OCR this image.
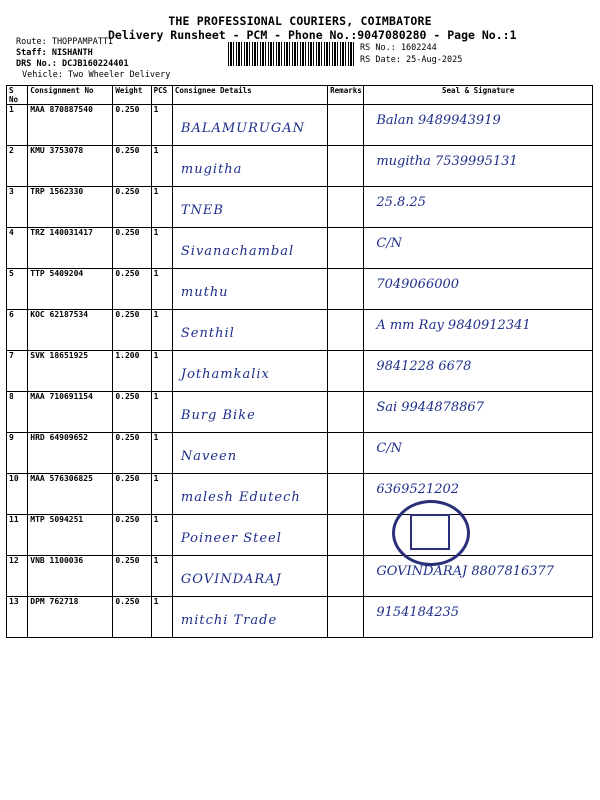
THE PROFESSIONAL COURIERS, COIMBATORE
Delivery Runsheet - PCM - Phone No.:9047080280 - Page No.:1
Route: THOPPAMPATTI
Staff: NISHANTH
DRS No.: DCJB160224401
Vehicle: Two Wheeler Delivery
RS No.: 1602244
RS Date: 25-Aug-2025
S No	Consignment No	Weight	PCS	Consignee Details	Remarks	Seal & Signature
1	MAA 870887540	0.250	1	BALAMURUGAN		Balan 9489943919
2	KMU 3753078	0.250	1	mugitha		mugitha 7539995131
3	TRP 1562330	0.250	1	TNEB		25.8.25
4	TRZ 140031417	0.250	1	Sivanachambal		C/N
5	TTP 5409204	0.250	1	muthu		7049066000
6	KOC 62187534	0.250	1	Senthil		A mm Ray 9840912341
7	SVK 18651925	1.200	1	Jothamkalix		9841228 6678
8	MAA 710691154	0.250	1	Burg Bike		Sai 9944878867
9	HRD 64909652	0.250	1	Naveen		C/N
10	MAA 576306825	0.250	1	malesh Edutech		6369521202
11	MTP 5094251	0.250	1	Poineer Steel		
12	VNB 1100036	0.250	1	GOVINDARAJ		GOVINDARAJ 8807816377
13	DPM 762718	0.250	1	mitchi Trade		9154184235
